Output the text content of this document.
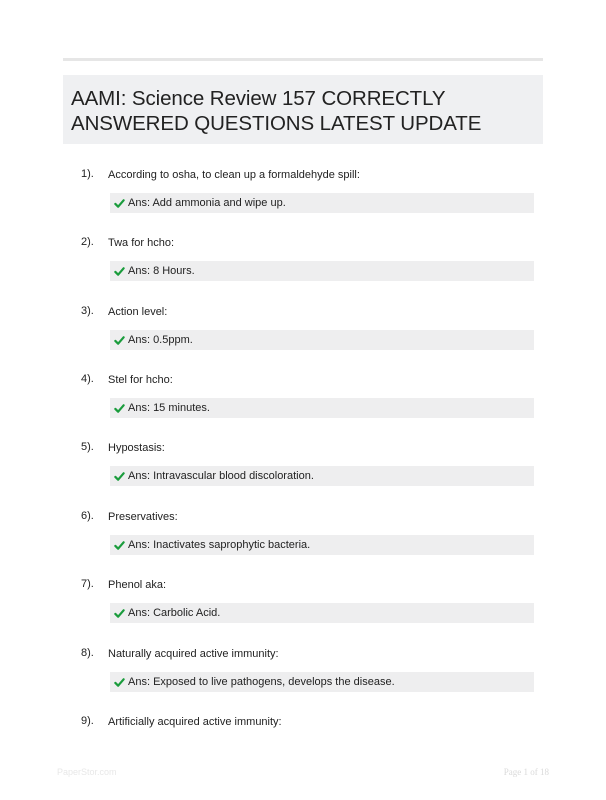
AAMI: Science Review 157 CORRECTLY ANSWERED QUESTIONS LATEST UPDATE
1). According to osha, to clean up a formaldehyde spill:
Ans: Add ammonia and wipe up.
2). Twa for hcho:
Ans: 8 Hours.
3). Action level:
Ans: 0.5ppm.
4). Stel for hcho:
Ans: 15 minutes.
5). Hypostasis:
Ans: Intravascular blood discoloration.
6). Preservatives:
Ans: Inactivates saprophytic bacteria.
7). Phenol aka:
Ans: Carbolic Acid.
8). Naturally acquired active immunity:
Ans: Exposed to live pathogens, develops the disease.
9). Artificially acquired active immunity:
PaperStor.com	Page 1 of 18
